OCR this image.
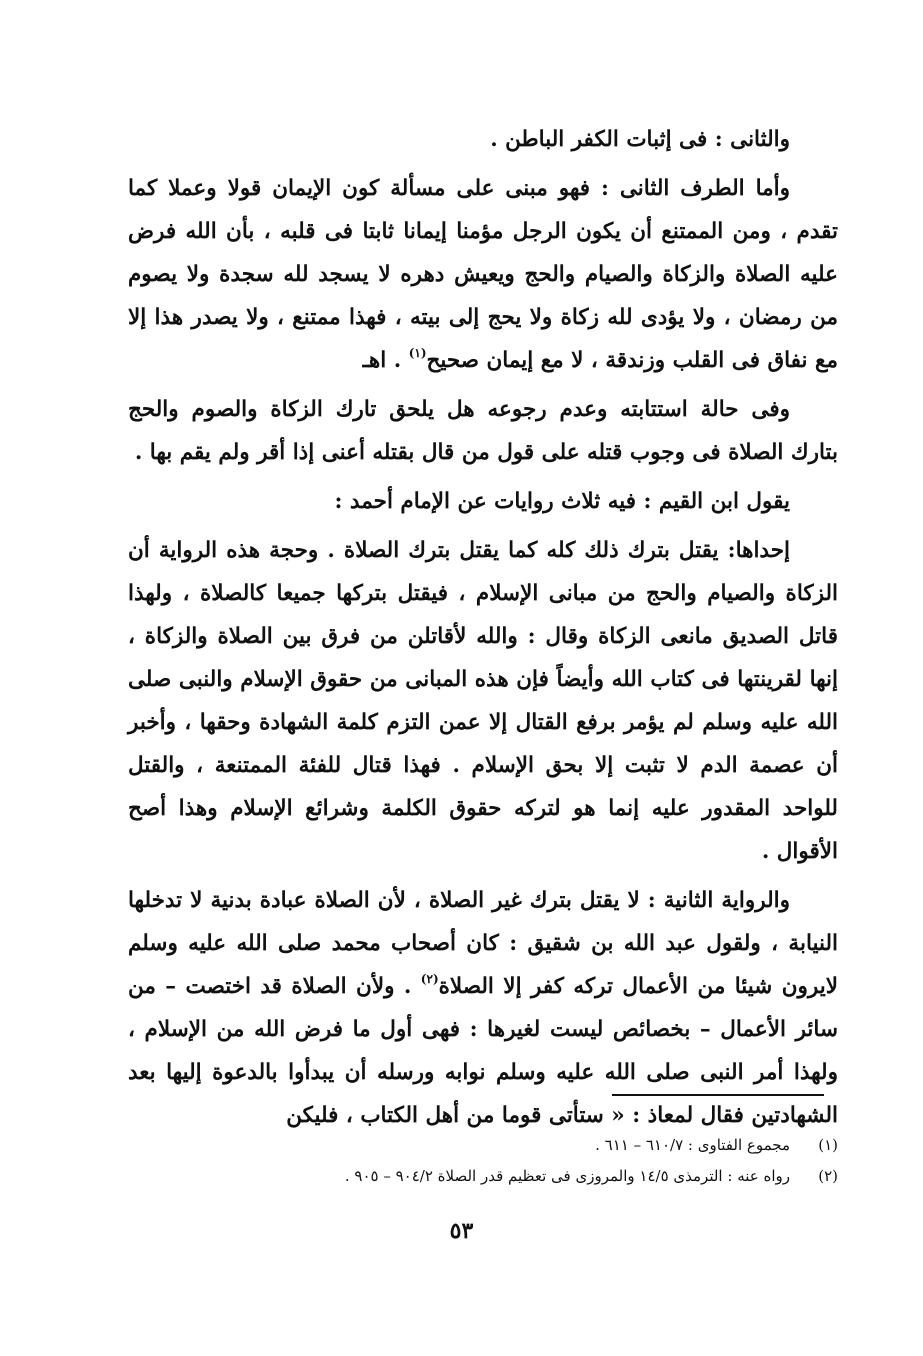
والثانى : فى إثبات الكفر الباطن .

وأما الطرف الثانى : فهو مبنى على مسألة كون الإيمان قولا وعملا كما تقدم ، ومن الممتنع أن يكون الرجل مؤمنا إيمانا ثابتا فى قلبه ، بأن الله فرض عليه الصلاة والزكاة والصيام والحج ويعيش دهره لا يسجد لله سجدة ولا يصوم من رمضان ، ولا يؤدى لله زكاة ولا يحج إلى بيته ، فهذا ممتنع ، ولا يصدر هذا إلا مع نفاق فى القلب وزندقة ، لا مع إيمان صحيح$^{(١)}$ . اهـ

وفى حالة استتابته وعدم رجوعه هل يلحق تارك الزكاة والصوم والحج بتارك الصلاة فى وجوب قتله على قول من قال بقتله أعنى إذا أقر ولم يقم بها .

يقول ابن القيم : فيه ثلاث روايات عن الإمام أحمد :

إحداها: يقتل بترك ذلك كله كما يقتل بترك الصلاة . وحجة هذه الرواية أن الزكاة والصيام والحج من مبانى الإسلام ، فيقتل بتركها جميعا كالصلاة ، ولهذا قاتل الصديق مانعى الزكاة وقال : والله لأقاتلن من فرق بين الصلاة والزكاة ، إنها لقرينتها فى كتاب الله وأيضاً فإن هذه المبانى من حقوق الإسلام والنبى صلى الله عليه وسلم لم يؤمر برفع القتال إلا عمن التزم كلمة الشهادة وحقها ، وأخبر أن عصمة الدم لا تثبت إلا بحق الإسلام . فهذا قتال للفئة الممتنعة ، والقتل للواحد المقدور عليه إنما هو لتركه حقوق الكلمة وشرائع الإسلام وهذا أصح الأقوال .

والرواية الثانية : لا يقتل بترك غير الصلاة ، لأن الصلاة عبادة بدنية لا تدخلها النيابة ، ولقول عبد الله بن شقيق : كان أصحاب محمد صلى الله عليه وسلم لايرون شيئا من الأعمال تركه كفر إلا الصلاة$^{(٢)}$ . ولأن الصلاة قد اختصت – من سائر الأعمال – بخصائص ليست لغيرها : فهى أول ما فرض الله من الإسلام ، ولهذا أمر النبى صلى الله عليه وسلم نوابه ورسله أن يبدأوا بالدعوة إليها بعد الشهادتين فقال لمعاذ : « ستأتى قوما من أهل الكتاب ، فليكن

(١)
مجموع الفتاوى : ٦١٠/٧ – ٦١١ .
(٢)
رواه عنه : الترمذى ١٤/٥ والمروزى فى تعظيم قدر الصلاة ٩٠٤/٢ – ٩٠٥ .
٥٣
